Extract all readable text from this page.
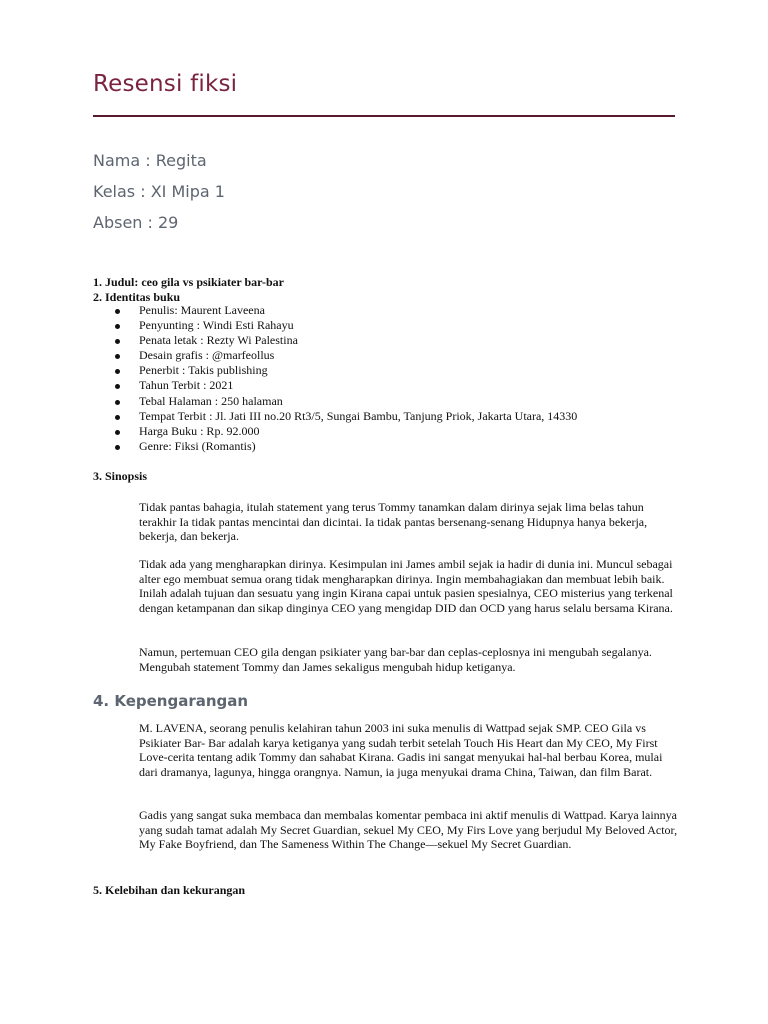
Resensi fiksi
Nama : Regita
Kelas : XI Mipa 1
Absen : 29
1. Judul: ceo gila vs psikiater bar-bar
2. Identitas buku
Penulis: Maurent Laveena
Penyunting : Windi Esti Rahayu
Penata letak : Rezty Wi Palestina
Desain grafis : @marfeollus
Penerbit : Takis publishing
Tahun Terbit : 2021
Tebal Halaman : 250 halaman
Tempat Terbit : Jl. Jati III no.20 Rt3/5, Sungai Bambu, Tanjung Priok, Jakarta Utara, 14330
Harga Buku : Rp. 92.000
Genre: Fiksi (Romantis)
3. Sinopsis

Tidak pantas bahagia, itulah statement yang terus Tommy tanamkan dalam dirinya sejak lima belas tahun terakhir Ia tidak pantas mencintai dan dicintai. Ia tidak pantas bersenang-senang Hidupnya hanya bekerja, bekerja, dan bekerja.

Tidak ada yang mengharapkan dirinya. Kesimpulan ini James ambil sejak ia hadir di dunia ini. Muncul sebagai alter ego membuat semua orang tidak mengharapkan dirinya. Ingin membahagiakan dan membuat lebih baik. Inilah adalah tujuan dan sesuatu yang ingin Kirana capai untuk pasien spesialnya, CEO misterius yang terkenal dengan ketampanan dan sikap dinginya CEO yang mengidap DID dan OCD yang harus selalu bersama Kirana.

Namun, pertemuan CEO gila dengan psikiater yang bar-bar dan ceplas-ceplosnya ini mengubah segalanya. Mengubah statement Tommy dan James sekaligus mengubah hidup ketiganya.

4. Kepengarangan

M. LAVENA, seorang penulis kelahiran tahun 2003 ini suka menulis di Wattpad sejak SMP. CEO Gila vs Psikiater Bar- Bar adalah karya ketiganya yang sudah terbit setelah Touch His Heart dan My CEO, My First Love-cerita tentang adik Tommy dan sahabat Kirana. Gadis ini sangat menyukai hal-hal berbau Korea, mulai dari dramanya, lagunya, hingga orangnya. Namun, ia juga menyukai drama China, Taiwan, dan film Barat.

Gadis yang sangat suka membaca dan membalas komentar pembaca ini aktif menulis di Wattpad. Karya lainnya yang sudah tamat adalah My Secret Guardian, sekuel My CEO, My Firs Love yang berjudul My Beloved Actor, My Fake Boyfriend, dan The Sameness Within The Change—sekuel My Secret Guardian.

5. Kelebihan dan kekurangan
